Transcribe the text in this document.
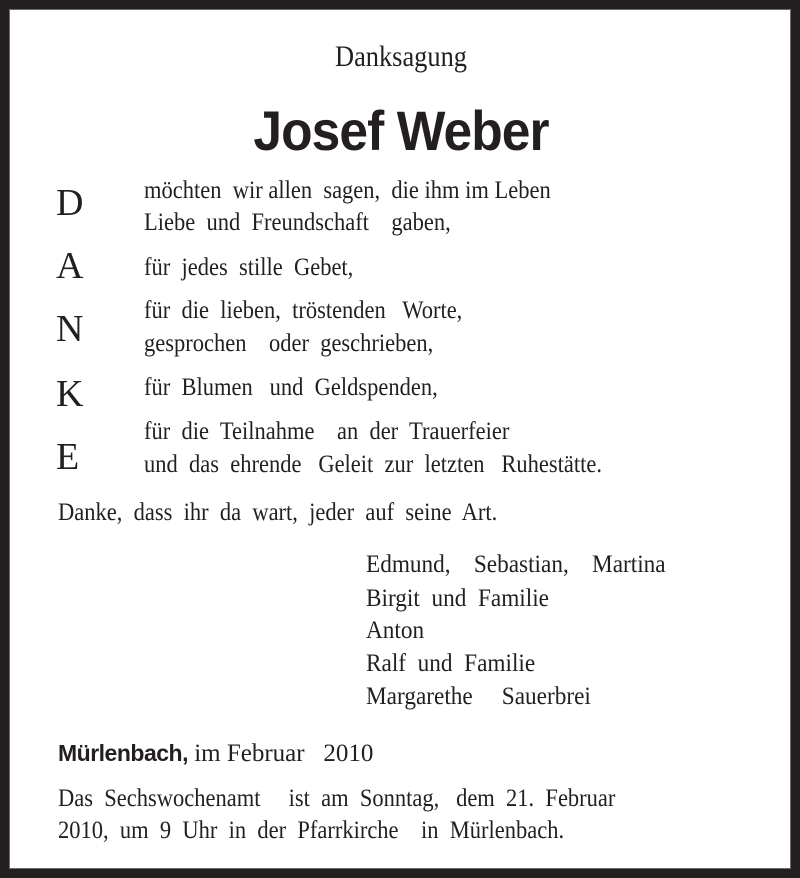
Danksagung
Josef Weber
D
A
N
K
E
möchten  wir allen  sagen,  die ihm im Leben
Liebe  und  Freundschaft    gaben,
für  jedes  stille  Gebet,
für  die  lieben,  tröstenden   Worte,
gesprochen    oder  geschrieben,
für  Blumen   und  Geldspenden,
für  die  Teilnahme    an  der  Trauerfeier
und  das  ehrende   Geleit  zur  letzten   Ruhestätte.
Danke,  dass  ihr  da  wart,  jeder  auf  seine  Art.
Edmund,    Sebastian,    Martina
Birgit  und  Familie
Anton
Ralf  und  Familie
Margarethe     Sauerbrei
Mürlenbach, im Februar   2010
Das  Sechswochenamt     ist  am  Sonntag,   dem  21.  Februar
2010,  um  9  Uhr  in  der  Pfarrkirche    in  Mürlenbach.
